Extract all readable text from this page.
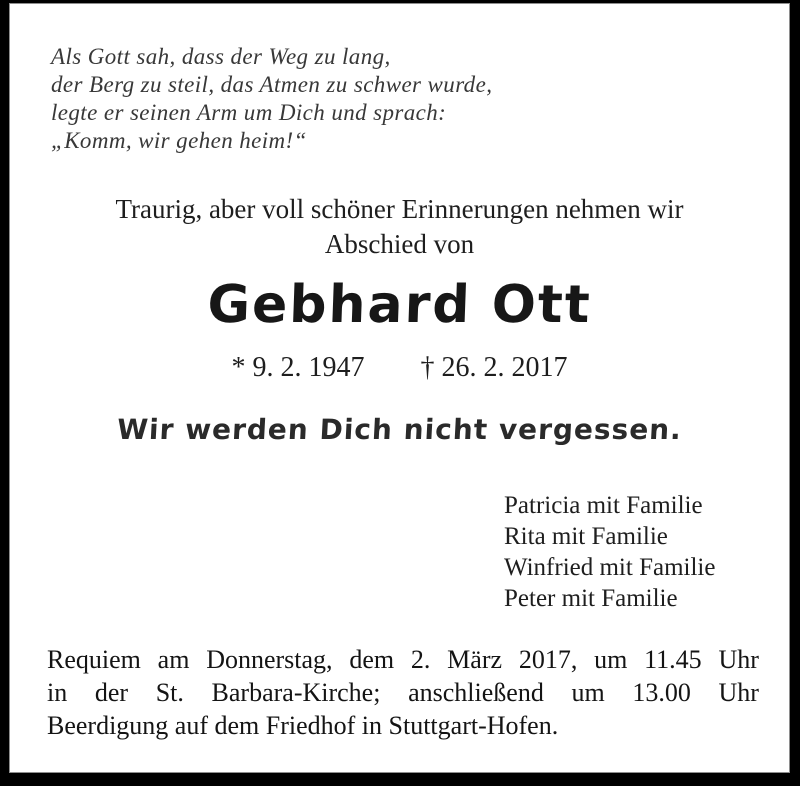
Als Gott sah, dass der Weg zu lang,
der Berg zu steil, das Atmen zu schwer wurde,
legte er seinen Arm um Dich und sprach:
„Komm, wir gehen heim!“
Traurig, aber voll schöner Erinnerungen nehmen wir
Abschied von
Gebhard Ott
* 9. 2. 1947 † 26. 2. 2017
Wir werden Dich nicht vergessen.
Patricia mit Familie
Rita mit Familie
Winfried mit Familie
Peter mit Familie
Requiem am Donnerstag, dem 2. März 2017, um 11.45 Uhr
in der St. Barbara-Kirche; anschließend um 13.00 Uhr
Beerdigung auf dem Friedhof in Stuttgart-Hofen.
